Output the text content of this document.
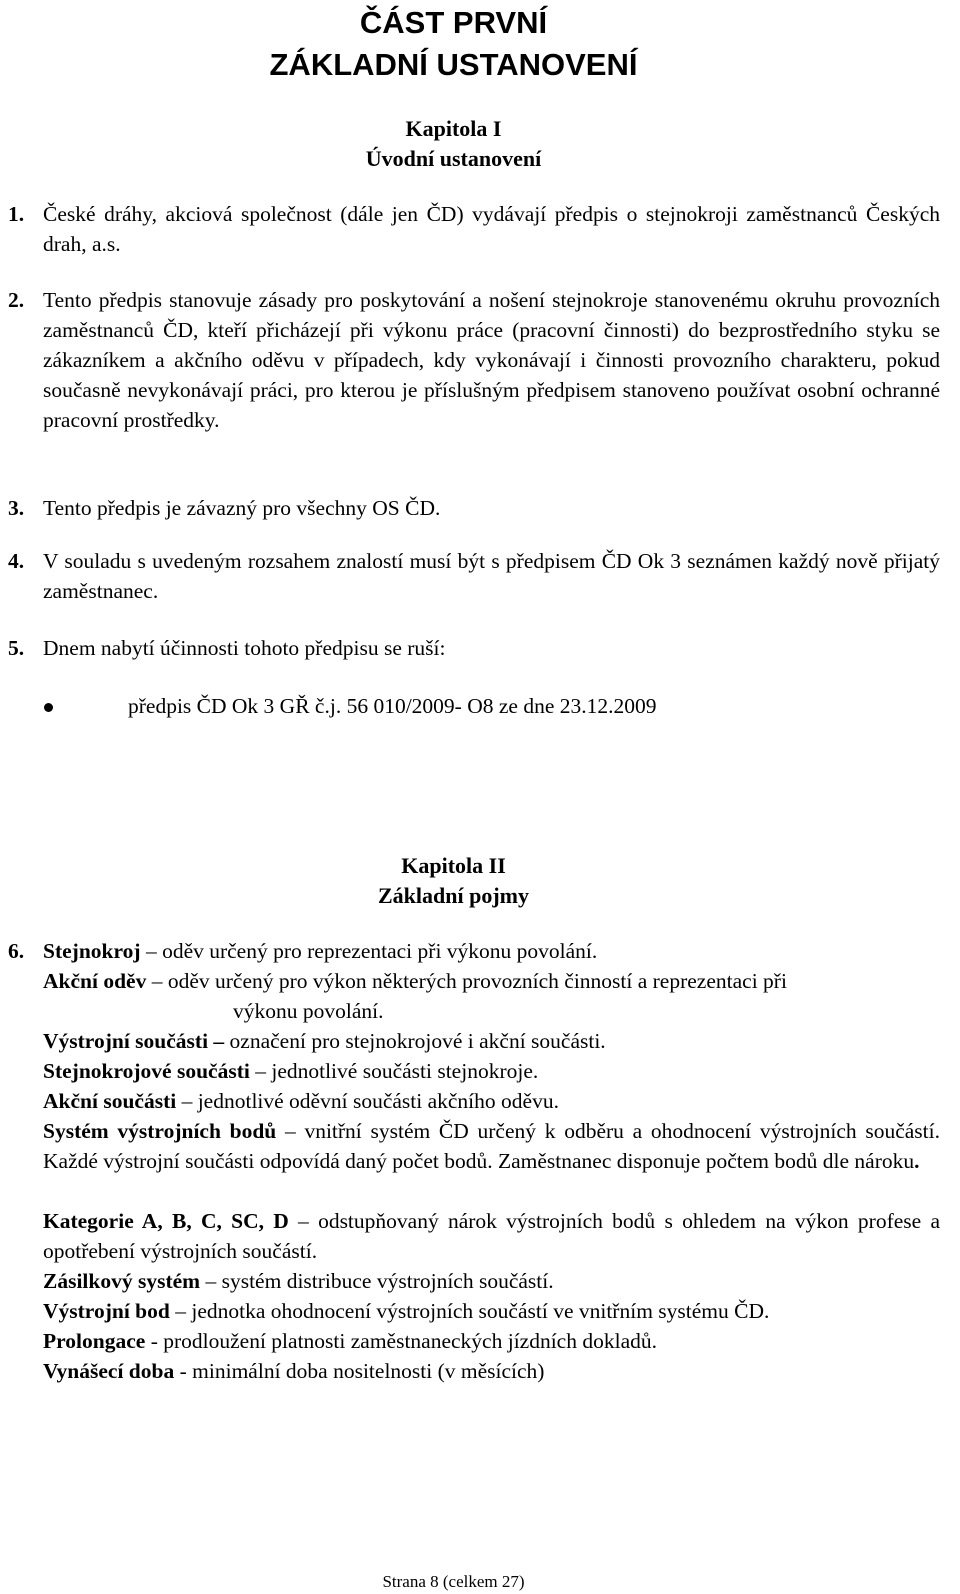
ČÁST PRVNÍ
ZÁKLADNÍ USTANOVENÍ
Kapitola I
Úvodní ustanovení
1. České dráhy, akciová společnost (dále jen ČD) vydávají předpis o stejnokroji zaměstnanců Českých drah, a.s.
2. Tento předpis stanovuje zásady pro poskytování a nošení stejnokroje stanovenému okruhu provozních zaměstnanců ČD, kteří přicházejí při výkonu práce (pracovní činnosti) do bezprostředního styku se zákazníkem a akčního oděvu v případech, kdy vykonávají i činnosti provozního charakteru, pokud současně nevykonávají práci, pro kterou je příslušným předpisem stanoveno používat osobní ochranné pracovní prostředky.
3. Tento předpis je závazný pro všechny OS ČD.
4. V souladu s uvedeným rozsahem znalostí musí být s předpisem ČD Ok 3 seznámen každý nově přijatý zaměstnanec.
5. Dnem nabytí účinnosti tohoto předpisu se ruší:
předpis ČD Ok 3 GŘ č.j. 56 010/2009- O8 ze dne 23.12.2009
Kapitola II
Základní pojmy
6. Stejnokroj – oděv určený pro reprezentaci při výkonu povolání.
Akční oděv – oděv určený pro výkon některých provozních činností a reprezentaci při
výkonu povolání.
Výstrojní součásti – označení pro stejnokrojové i akční součásti.
Stejnokrojové součásti – jednotlivé součásti stejnokroje.
Akční součásti – jednotlivé oděvní součásti akčního oděvu.
Systém výstrojních bodů – vnitřní systém ČD určený k odběru a ohodnocení výstrojních součástí. Každé výstrojní součásti odpovídá daný počet bodů. Zaměstnanec disponuje počtem bodů dle nároku.
Kategorie A, B, C, SC, D – odstupňovaný nárok výstrojních bodů s ohledem na výkon profese a opotřebení výstrojních součástí.
Zásilkový systém – systém distribuce výstrojních součástí.
Výstrojní bod – jednotka ohodnocení výstrojních součástí ve vnitřním systému ČD.
Prolongace - prodloužení platnosti zaměstnaneckých jízdních dokladů.
Vynášecí doba - minimální doba nositelnosti (v měsících)
Strana 8 (celkem 27)
